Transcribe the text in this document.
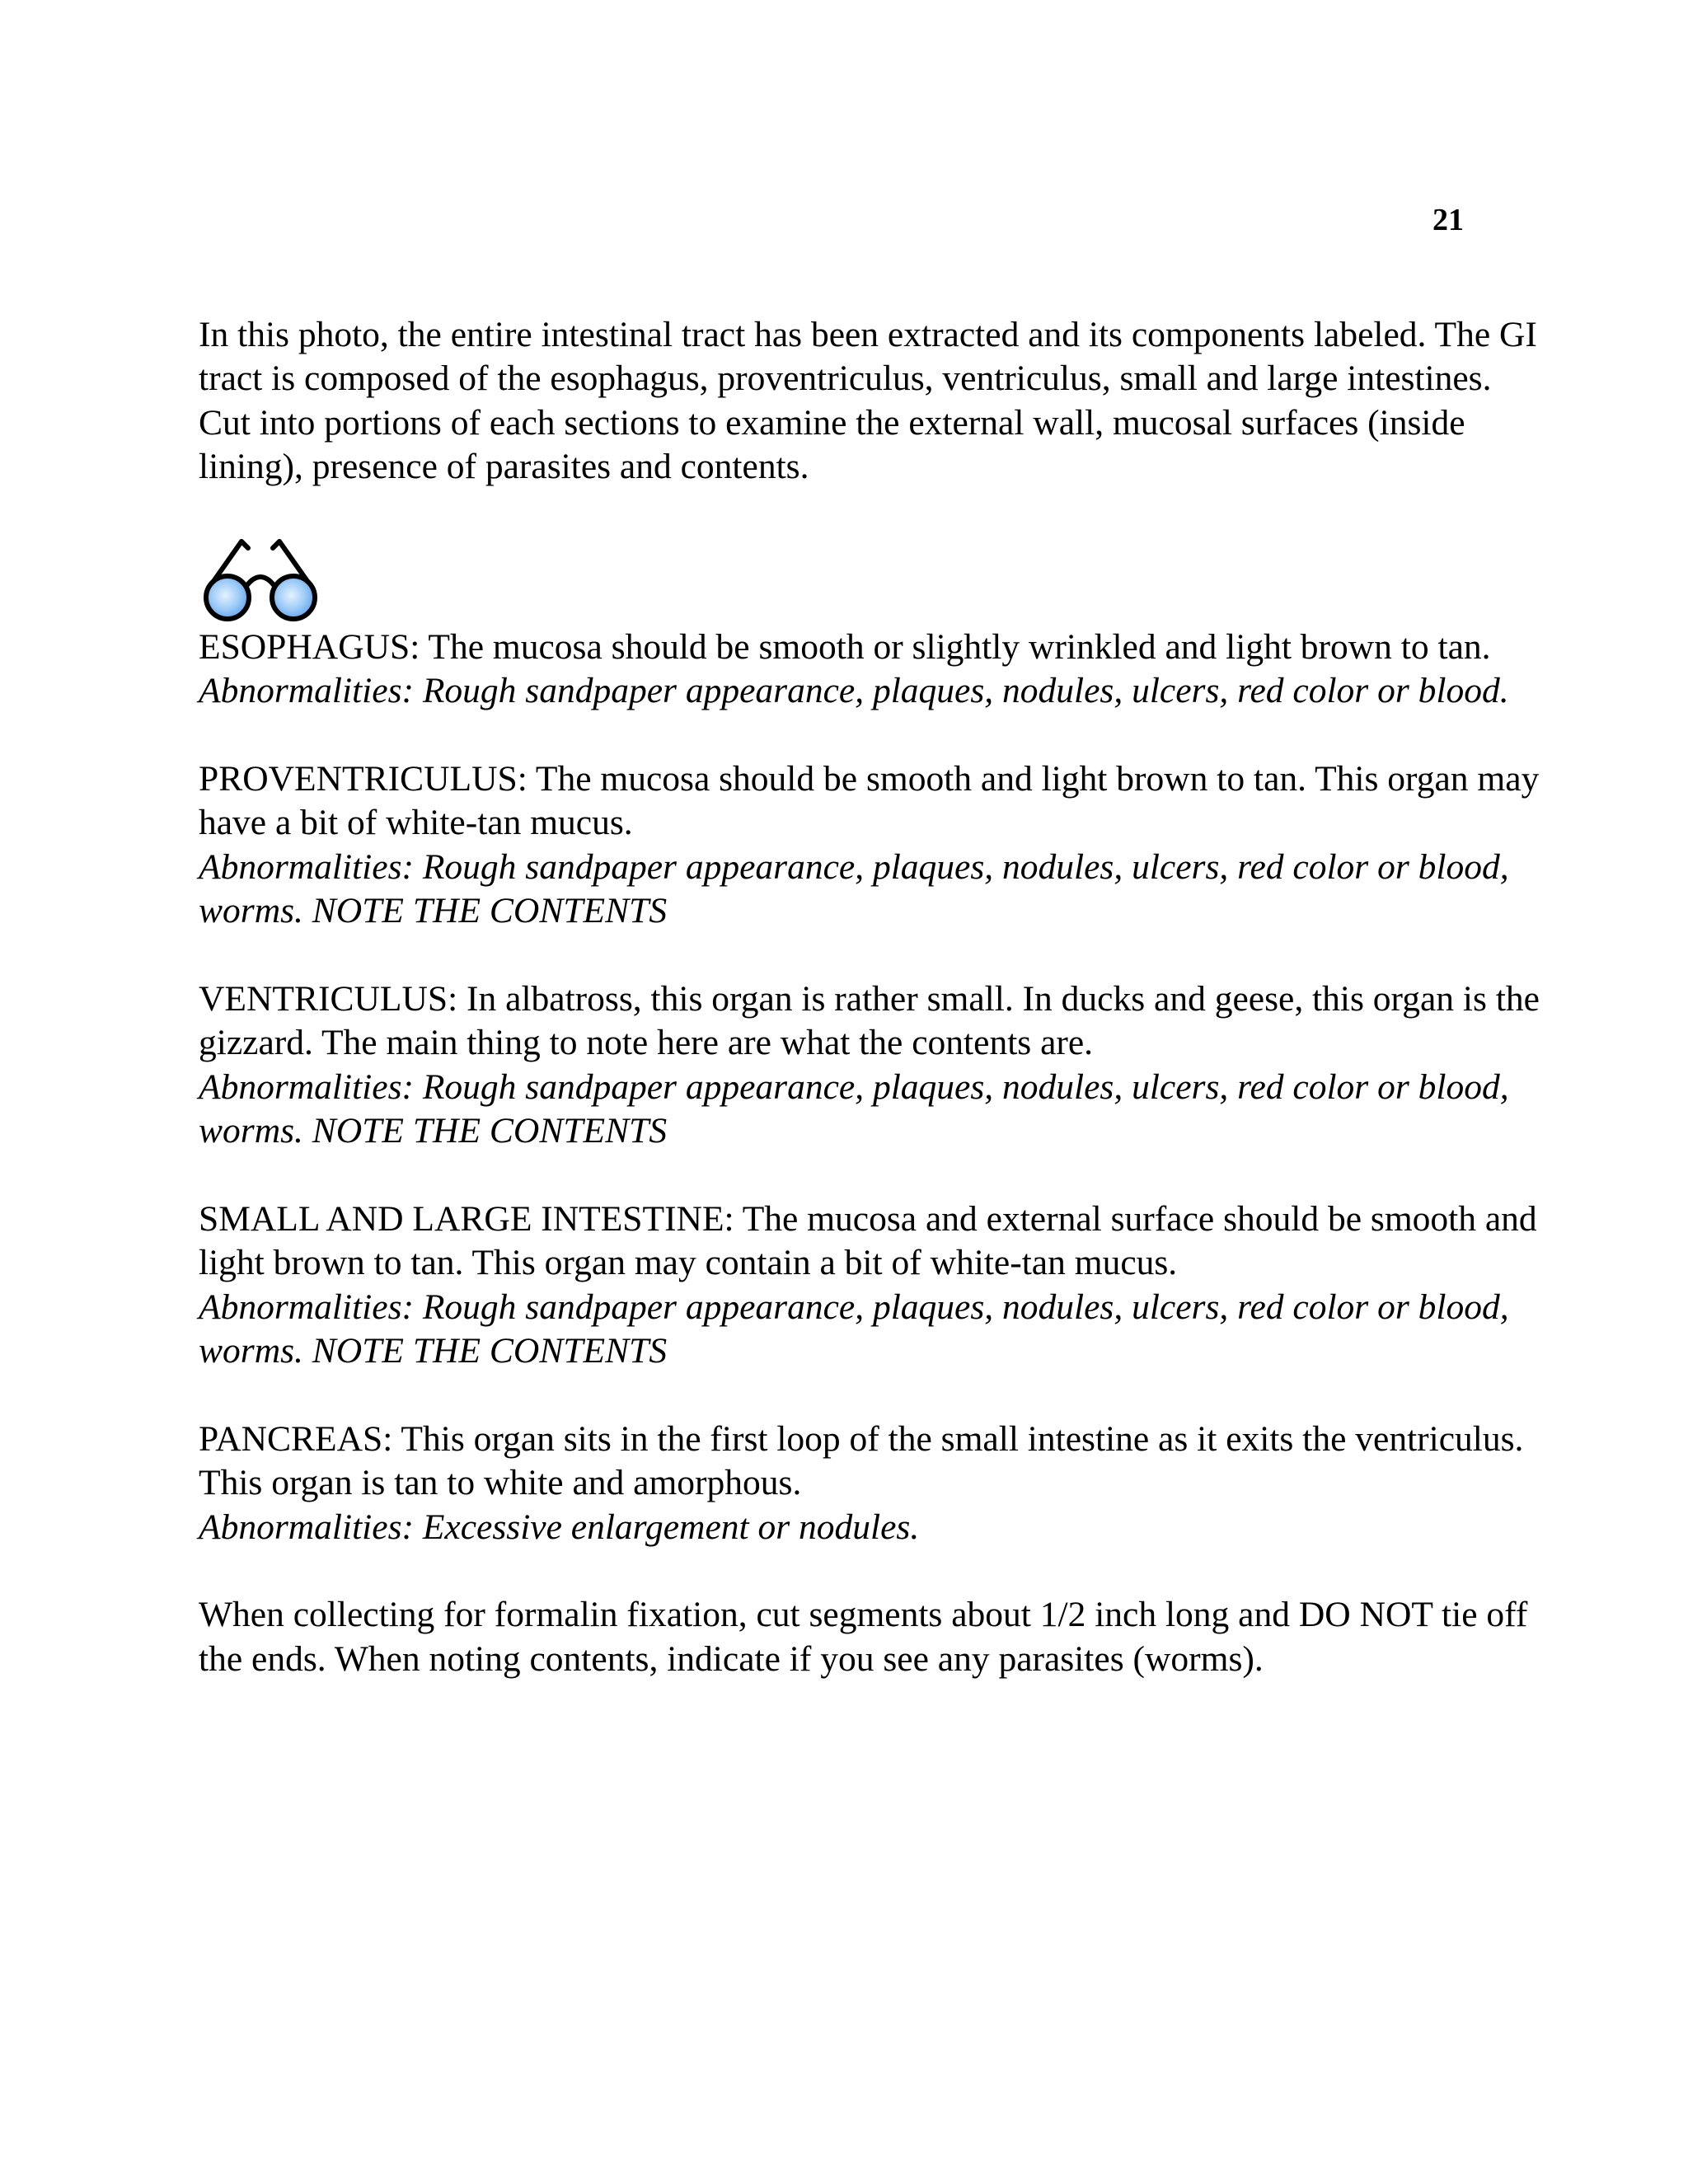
21

In this photo, the entire intestinal tract has been extracted and its components labeled. The GI tract is composed of the esophagus, proventriculus, ventriculus, small and large intestines. Cut into portions of each sections to examine the external wall, mucosal surfaces (inside lining), presence of parasites and contents.

ESOPHAGUS: The mucosa should be smooth or slightly wrinkled and light brown to tan.
Abnormalities: Rough sandpaper appearance, plaques, nodules, ulcers, red color or blood.
PROVENTRICULUS: The mucosa should be smooth and light brown to tan. This organ may have a bit of white-tan mucus.
Abnormalities: Rough sandpaper appearance, plaques, nodules, ulcers, red color or blood, worms. NOTE THE CONTENTS
VENTRICULUS: In albatross, this organ is rather small. In ducks and geese, this organ is the gizzard. The main thing to note here are what the contents are.
Abnormalities: Rough sandpaper appearance, plaques, nodules, ulcers, red color or blood, worms. NOTE THE CONTENTS
SMALL AND LARGE INTESTINE: The mucosa and external surface should be smooth and light brown to tan. This organ may contain a bit of white-tan mucus.
Abnormalities: Rough sandpaper appearance, plaques, nodules, ulcers, red color or blood, worms. NOTE THE CONTENTS
PANCREAS: This organ sits in the first loop of the small intestine as it exits the ventriculus. This organ is tan to white and amorphous.
Abnormalities: Excessive enlargement or nodules.

When collecting for formalin fixation, cut segments about 1/2 inch long and DO NOT tie off the ends. When noting contents, indicate if you see any parasites (worms).
